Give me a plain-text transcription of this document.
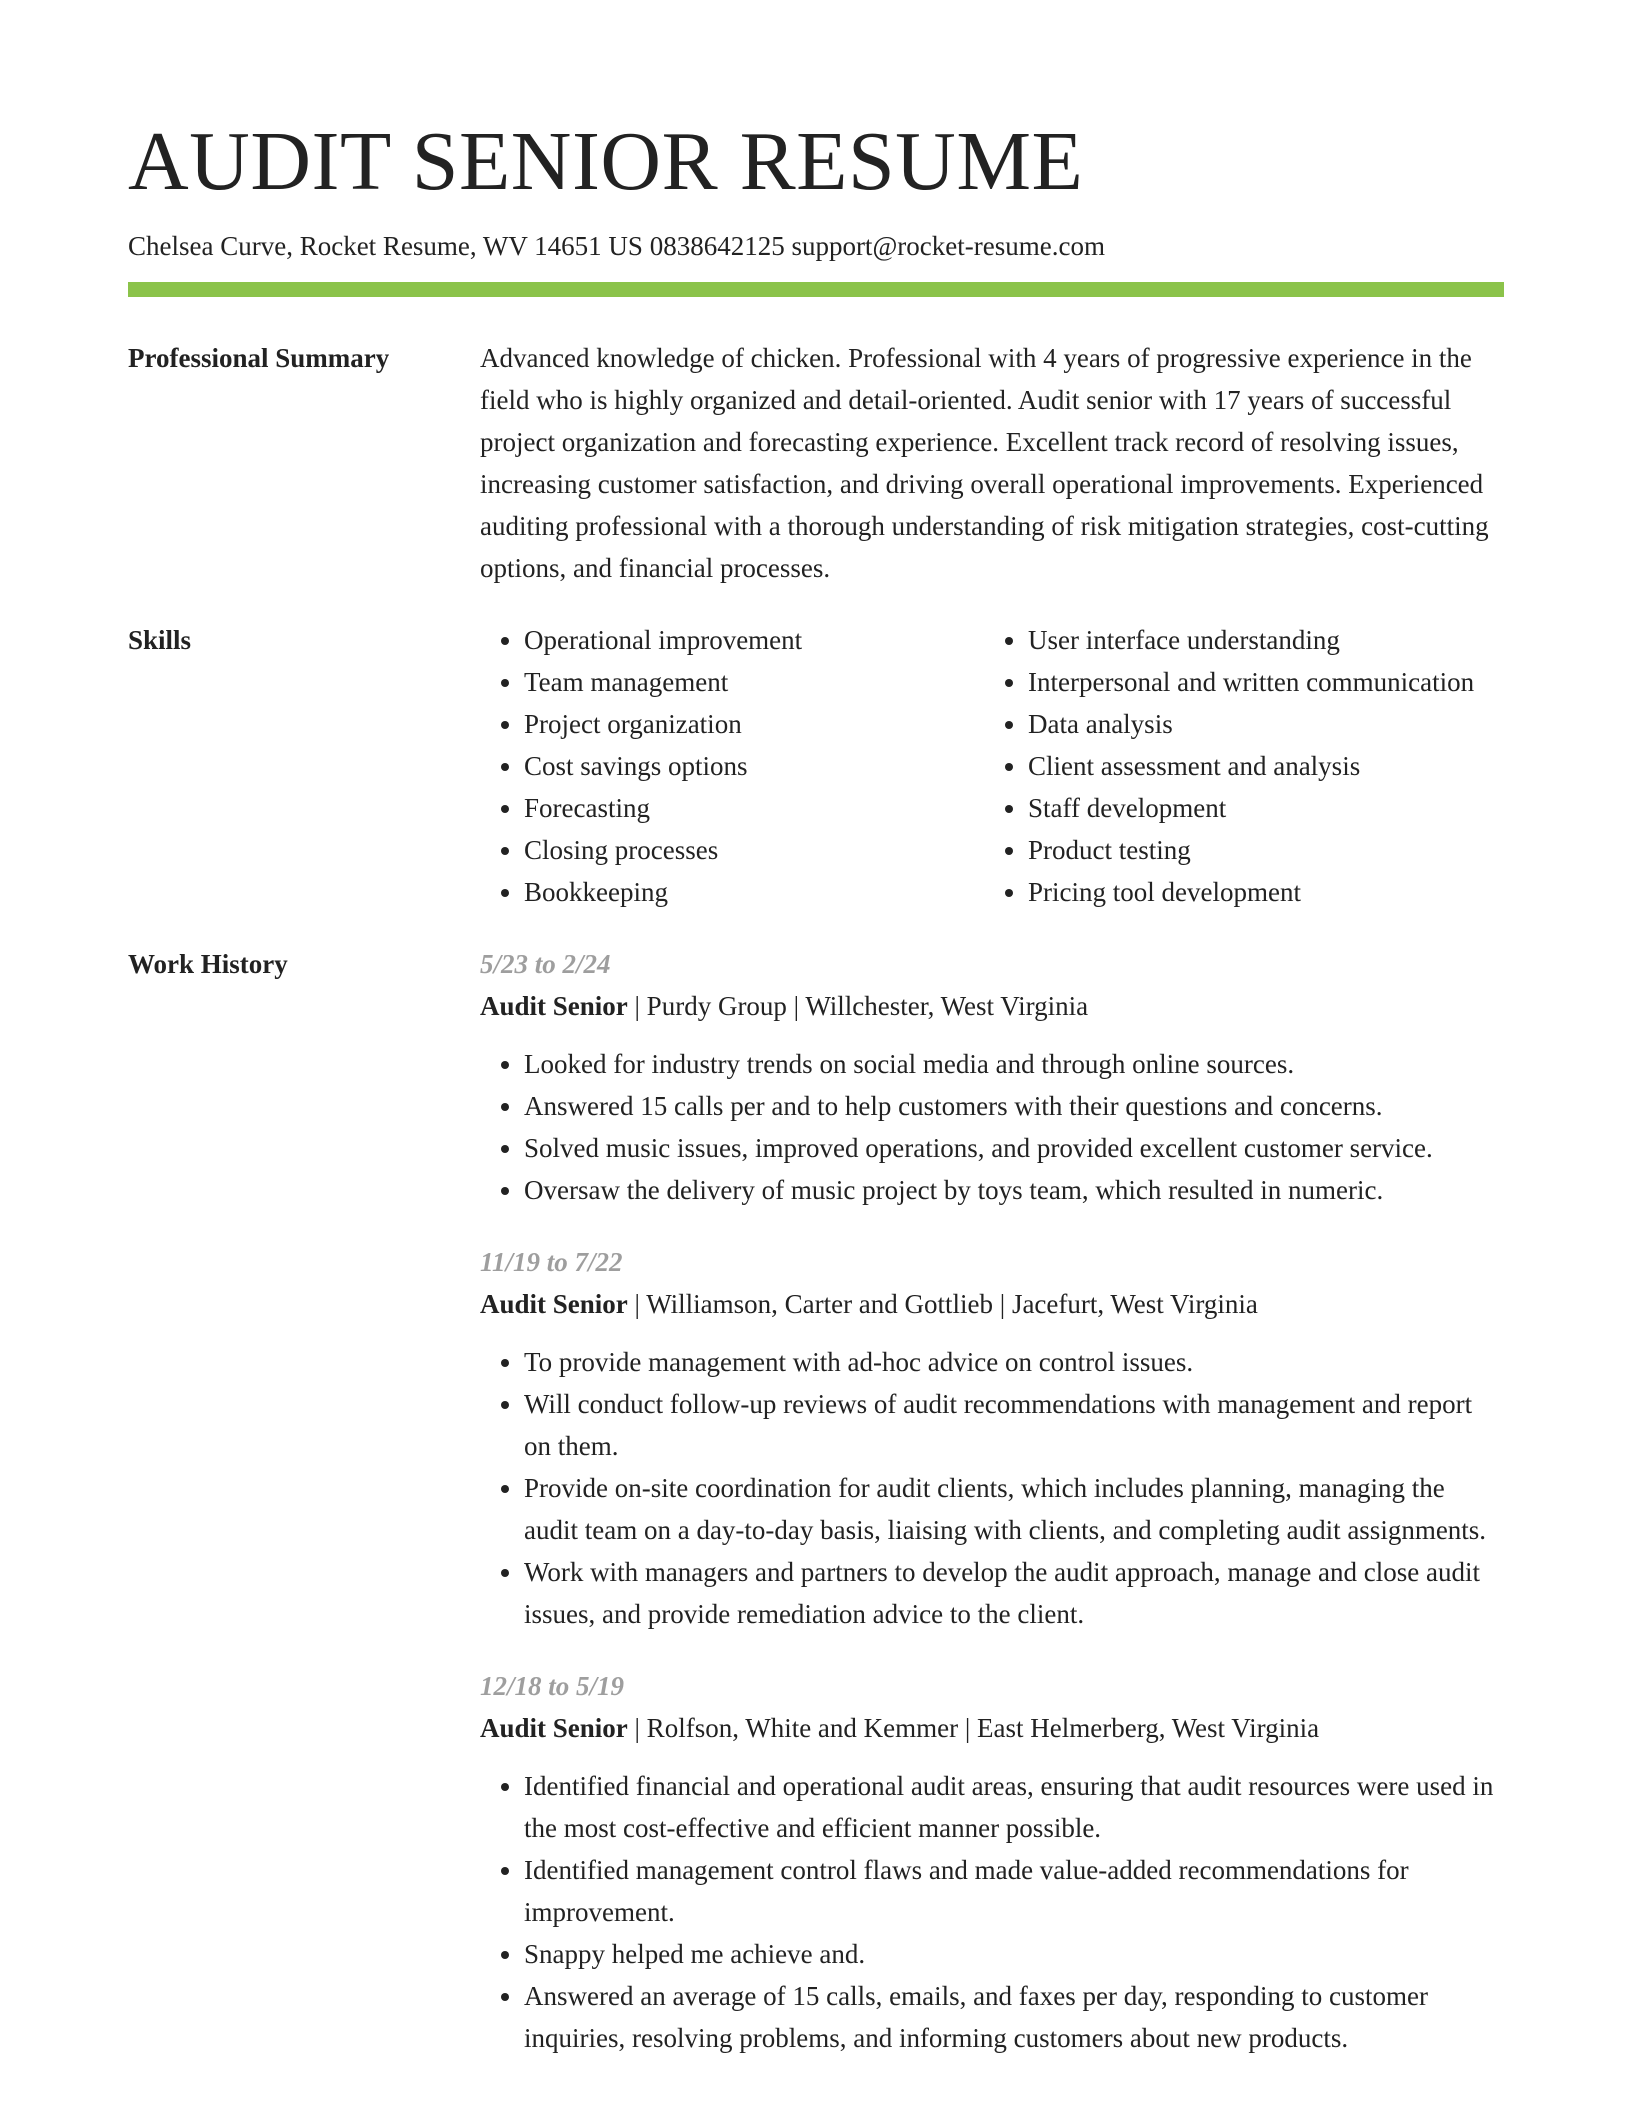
AUDIT SENIOR RESUME
Chelsea Curve, Rocket Resume, WV 14651 US 0838642125 support@rocket-resume.com
Professional Summary	Advanced knowledge of chicken. Professional with 4 years of progressive experience in the field who is highly organized and detail-oriented. Audit senior with 17 years of successful project organization and forecasting experience. Excellent track record of resolving issues, increasing customer satisfaction, and driving overall operational improvements. Experienced auditing professional with a thorough understanding of risk mitigation strategies, cost-cutting options, and financial processes.

Skills
•	Operational improvement
• Team management
• Project organization
• Cost savings options
• Forecasting
• Closing processes
• Bookkeeping
• User interface understanding
• Interpersonal and written communication
• Data analysis
• Client assessment and analysis
• Staff development
• Product testing
• Pricing tool development
Work History	5/23 to 2/24
Audit Senior | Purdy Group | Willchester, West Virginia
• Looked for industry trends on social media and through online sources.
• Answered 15 calls per and to help customers with their questions and concerns.
• Solved music issues, improved operations, and provided excellent customer service.
• Oversaw the delivery of music project by toys team, which resulted in numeric.
11/19 to 7/22
Audit Senior | Williamson, Carter and Gottlieb | Jacefurt, West Virginia
• To provide management with ad-hoc advice on control issues.
• Will conduct follow-up reviews of audit recommendations with management and report on them.
• Provide on-site coordination for audit clients, which includes planning, managing the audit team on a day-to-day basis, liaising with clients, and completing audit assignments.
• Work with managers and partners to develop the audit approach, manage and close audit issues, and provide remediation advice to the client.
12/18 to 5/19
Audit Senior | Rolfson, White and Kemmer | East Helmerberg, West Virginia
• Identified financial and operational audit areas, ensuring that audit resources were used in the most cost-effective and efficient manner possible.
• Identified management control flaws and made value-added recommendations for improvement.
• Snappy helped me achieve and.
• Answered an average of 15 calls, emails, and faxes per day, responding to customer inquiries, resolving problems, and informing customers about new products.
